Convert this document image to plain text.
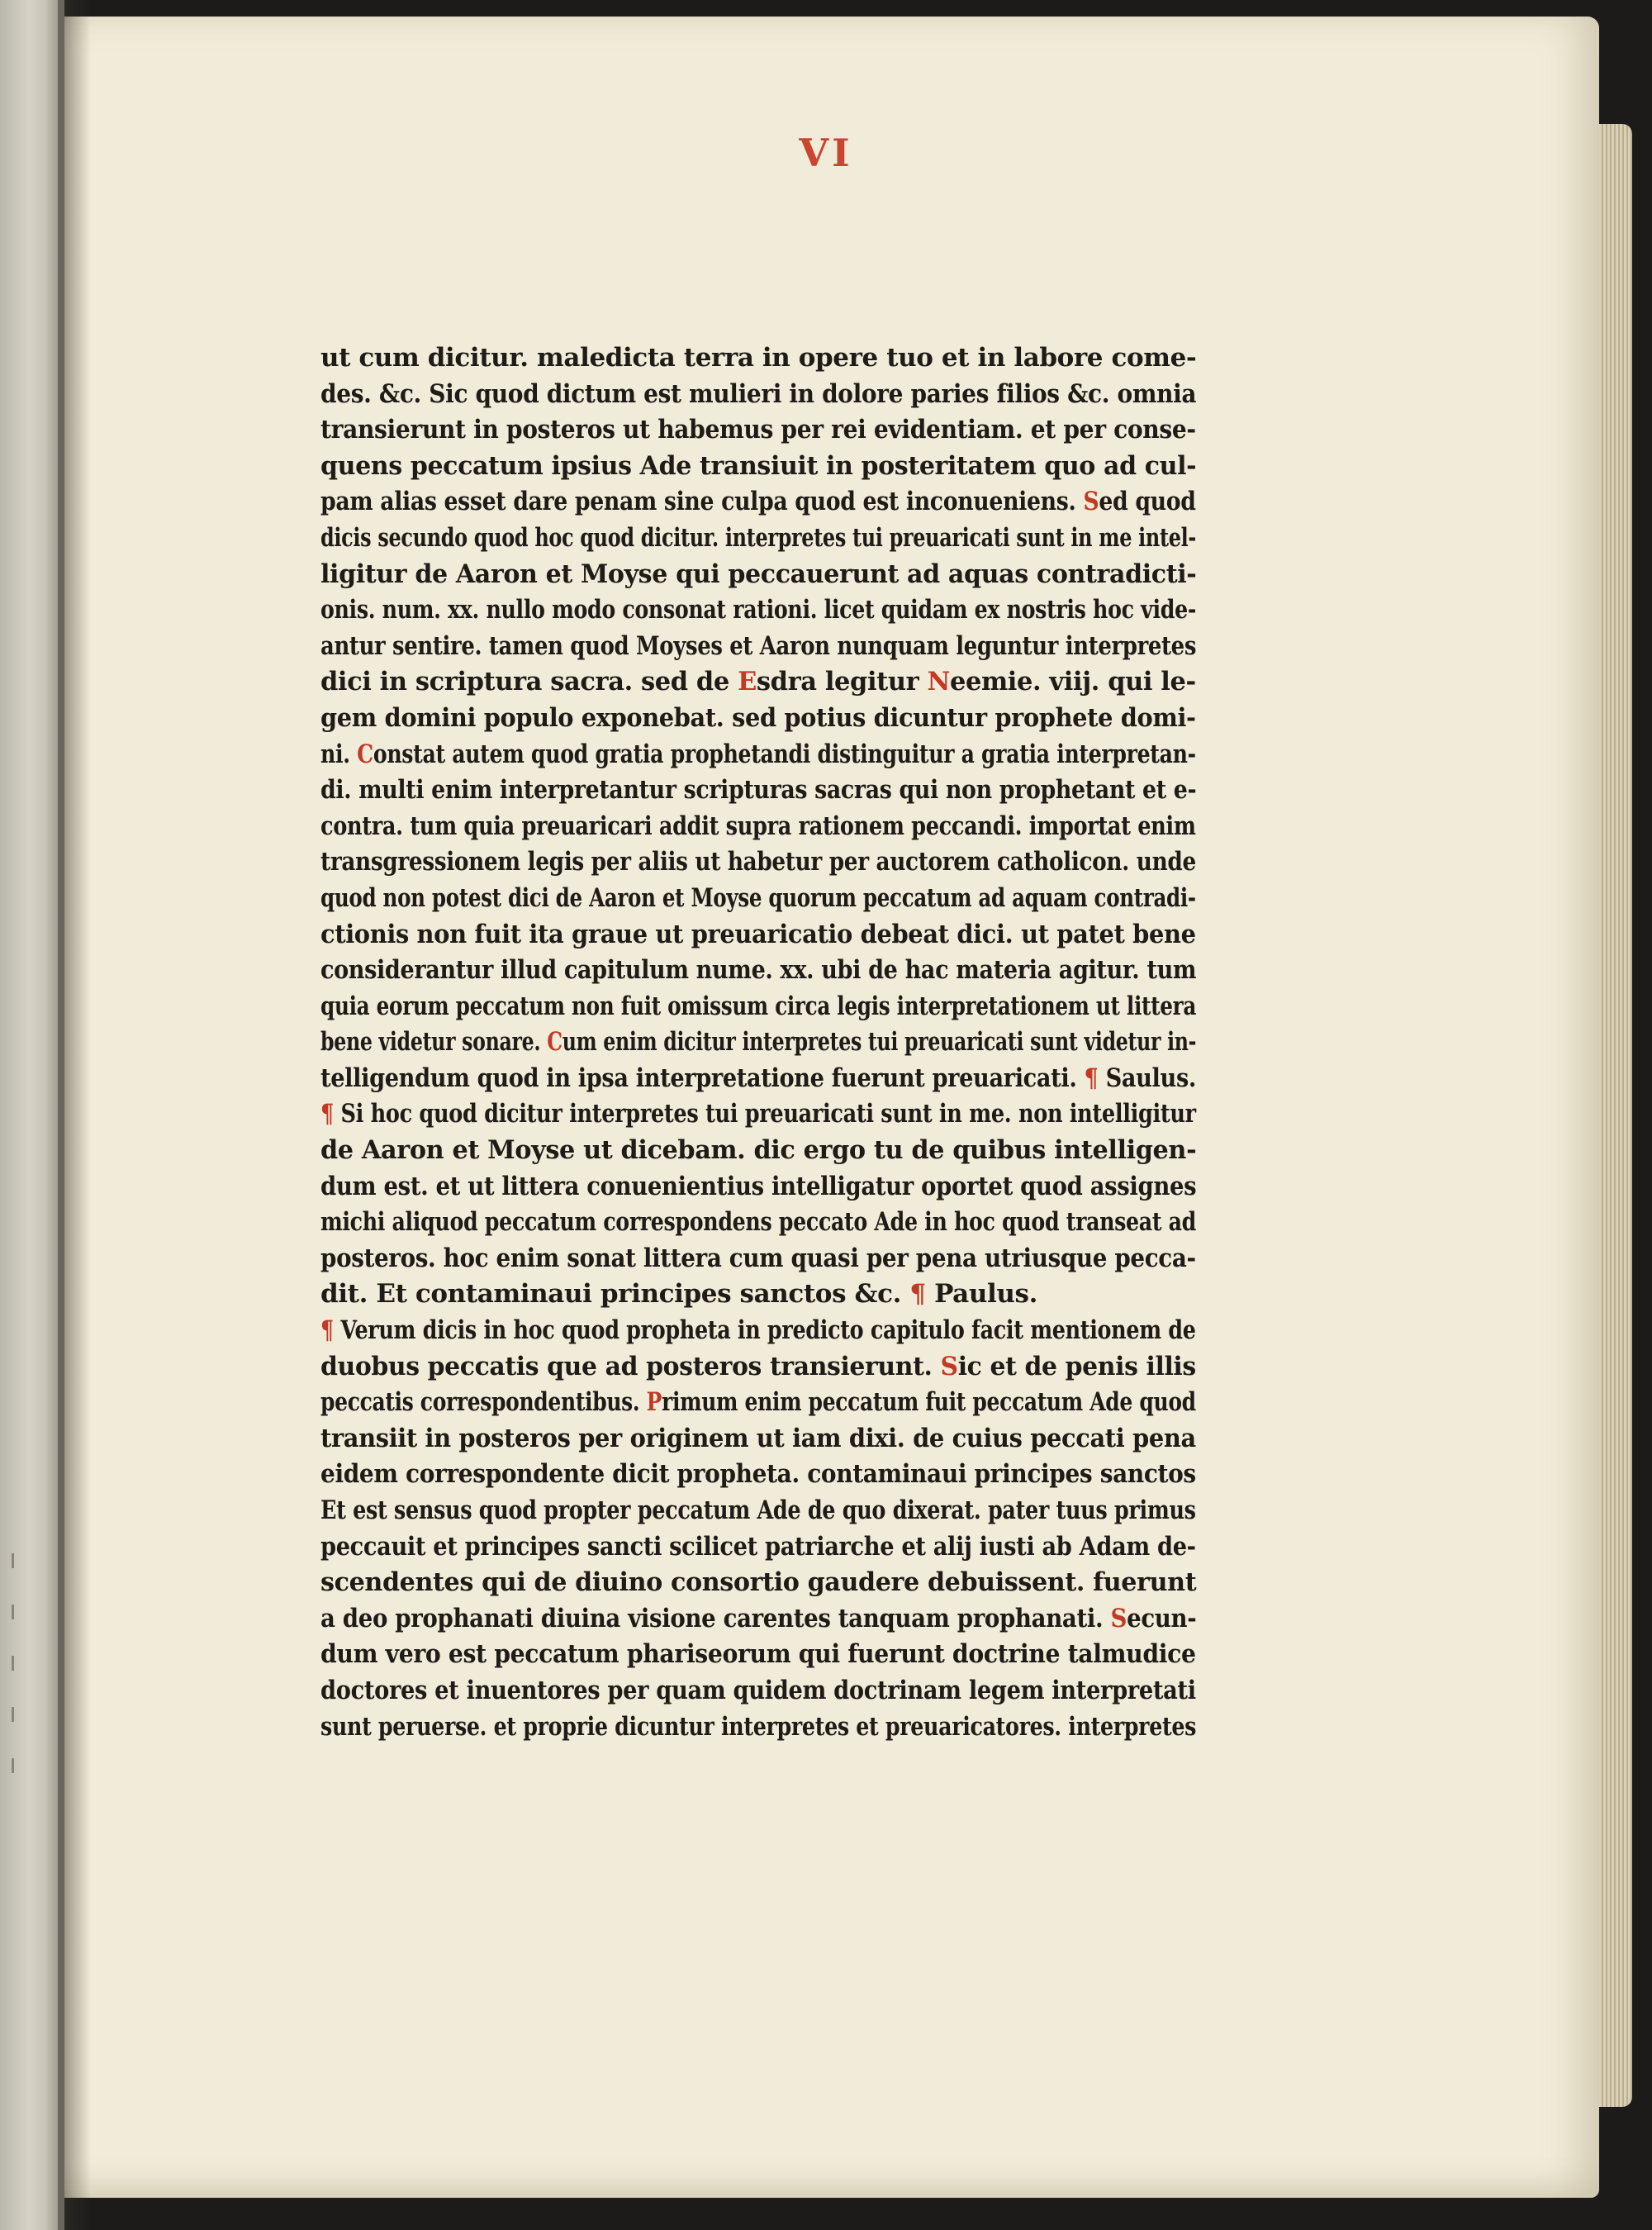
VI
ut cum dicitur. maledicta terra in opere tuo et in labore come-
des. &c. Sic quod dictum est mulieri in dolore paries filios &c. omnia
transierunt in posteros ut habemus per rei evidentiam. et per conse-
quens peccatum ipsius Ade transiuit in posteritatem quo ad cul-
pam alias esset dare penam sine culpa quod est inconueniens. Sed quod
dicis secundo quod hoc quod dicitur. interpretes tui preuaricati sunt in me intel-
ligitur de Aaron et Moyse qui peccauerunt ad aquas contradicti-
onis. num. xx. nullo modo consonat rationi. licet quidam ex nostris hoc vide-
antur sentire. tamen quod Moyses et Aaron nunquam leguntur interpretes
dici in scriptura sacra. sed de Esdra legitur Neemie. viij. qui le-
gem domini populo exponebat. sed potius dicuntur prophete domi-
ni. Constat autem quod gratia prophetandi distinguitur a gratia interpretan-
di. multi enim interpretantur scripturas sacras qui non prophetant et e-
contra. tum quia preuaricari addit supra rationem peccandi. importat enim
transgressionem legis per aliis ut habetur per auctorem catholicon. unde
quod non potest dici de Aaron et Moyse quorum peccatum ad aquam contradi-
ctionis non fuit ita graue ut preuaricatio debeat dici. ut patet bene
considerantur illud capitulum nume. xx. ubi de hac materia agitur. tum
quia eorum peccatum non fuit omissum circa legis interpretationem ut littera
bene videtur sonare. Cum enim dicitur interpretes tui preuaricati sunt videtur in-
telligendum quod in ipsa interpretatione fuerunt preuaricati. ¶ Saulus.
¶ Si hoc quod dicitur interpretes tui preuaricati sunt in me. non intelligitur
de Aaron et Moyse ut dicebam. dic ergo tu de quibus intelligen-
dum est. et ut littera conuenientius intelligatur oportet quod assignes
michi aliquod peccatum correspondens peccato Ade in hoc quod transeat ad
posteros. hoc enim sonat littera cum quasi per pena utriusque pecca-
dit. Et contaminaui principes sanctos &c. ¶ Paulus.
¶ Verum dicis in hoc quod propheta in predicto capitulo facit mentionem de
duobus peccatis que ad posteros transierunt. Sic et de penis illis
peccatis correspondentibus. Primum enim peccatum fuit peccatum Ade quod
transiit in posteros per originem ut iam dixi. de cuius peccati pena
eidem correspondente dicit propheta. contaminaui principes sanctos
Et est sensus quod propter peccatum Ade de quo dixerat. pater tuus primus
peccauit et principes sancti scilicet patriarche et alij iusti ab Adam de-
scendentes qui de diuino consortio gaudere debuissent. fuerunt
a deo prophanati diuina visione carentes tanquam prophanati. Secun-
dum vero est peccatum phariseorum qui fuerunt doctrine talmudice
doctores et inuentores per quam quidem doctrinam legem interpretati
sunt peruerse. et proprie dicuntur interpretes et preuaricatores. interpretes
